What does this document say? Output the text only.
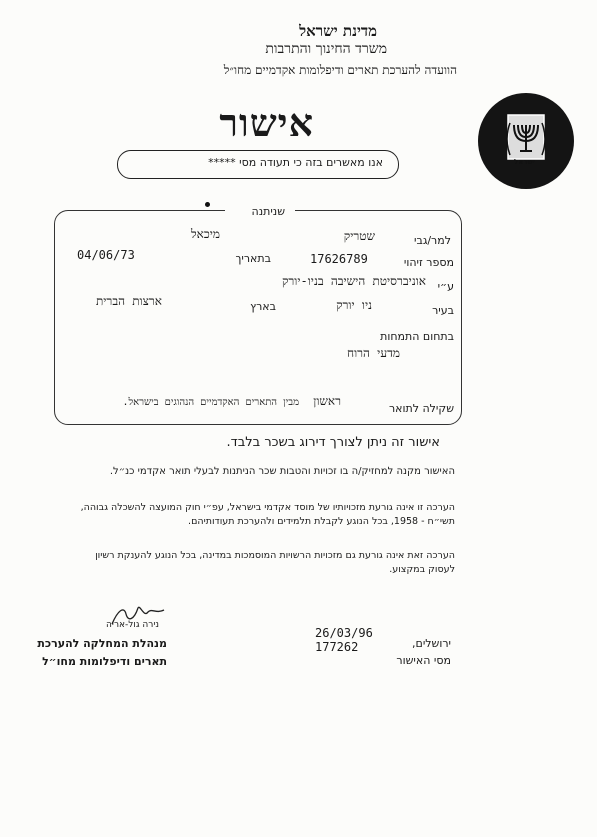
מדינת ישראל
משרד החינוך והתרבות
הוועדה להערכת תארים ודיפלומות אקדמיים מחו״ל
ישראל
אישור
אנו מאשרים בזה כי תעודה מסי *****
שניתנה
למר/גבי
שטריק
מיכאל
מספר זיהוי
17626789
בתאריך
04/06/73
ע״י
אוניברסיטת הישיבה בניו-יורק
בעיר
ניו יורק
בארץ
ארצות הברית
בתחום התמחות
מדעי הרוח
שקילה לתואר
ראשון
מבין התארים האקדמיים הנהוגים בישראל.
אישור זה ניתן לצורך דירוג בשכר בלבד.
האישור מקנה למחזיק/ה בו זכויות והטבות שכר הניתנות לבעלי תואר אקדמי כנ״ל.
הערכה זו אינה גורעת מזכויותיו של מוסד אקדמי בישראל, עפ״י חוק המועצה להשכלה גבוהה, תשי״ח - 1958, בכל הנוגע לקבלת תלמידים ולהערכת תעודותיהם.
הערכה זאת אינה גורעת גם מזכויות הרשויות המוסמכות במדינה, בכל הנוגע להענקת רשיון לעסוק במקצוע.
נירה גול-אריה
מנהלת המחלקה להערכת
תארים ודיפלומות מחו״ל
26/03/96
177262	ירושלים,
מסי האישור
